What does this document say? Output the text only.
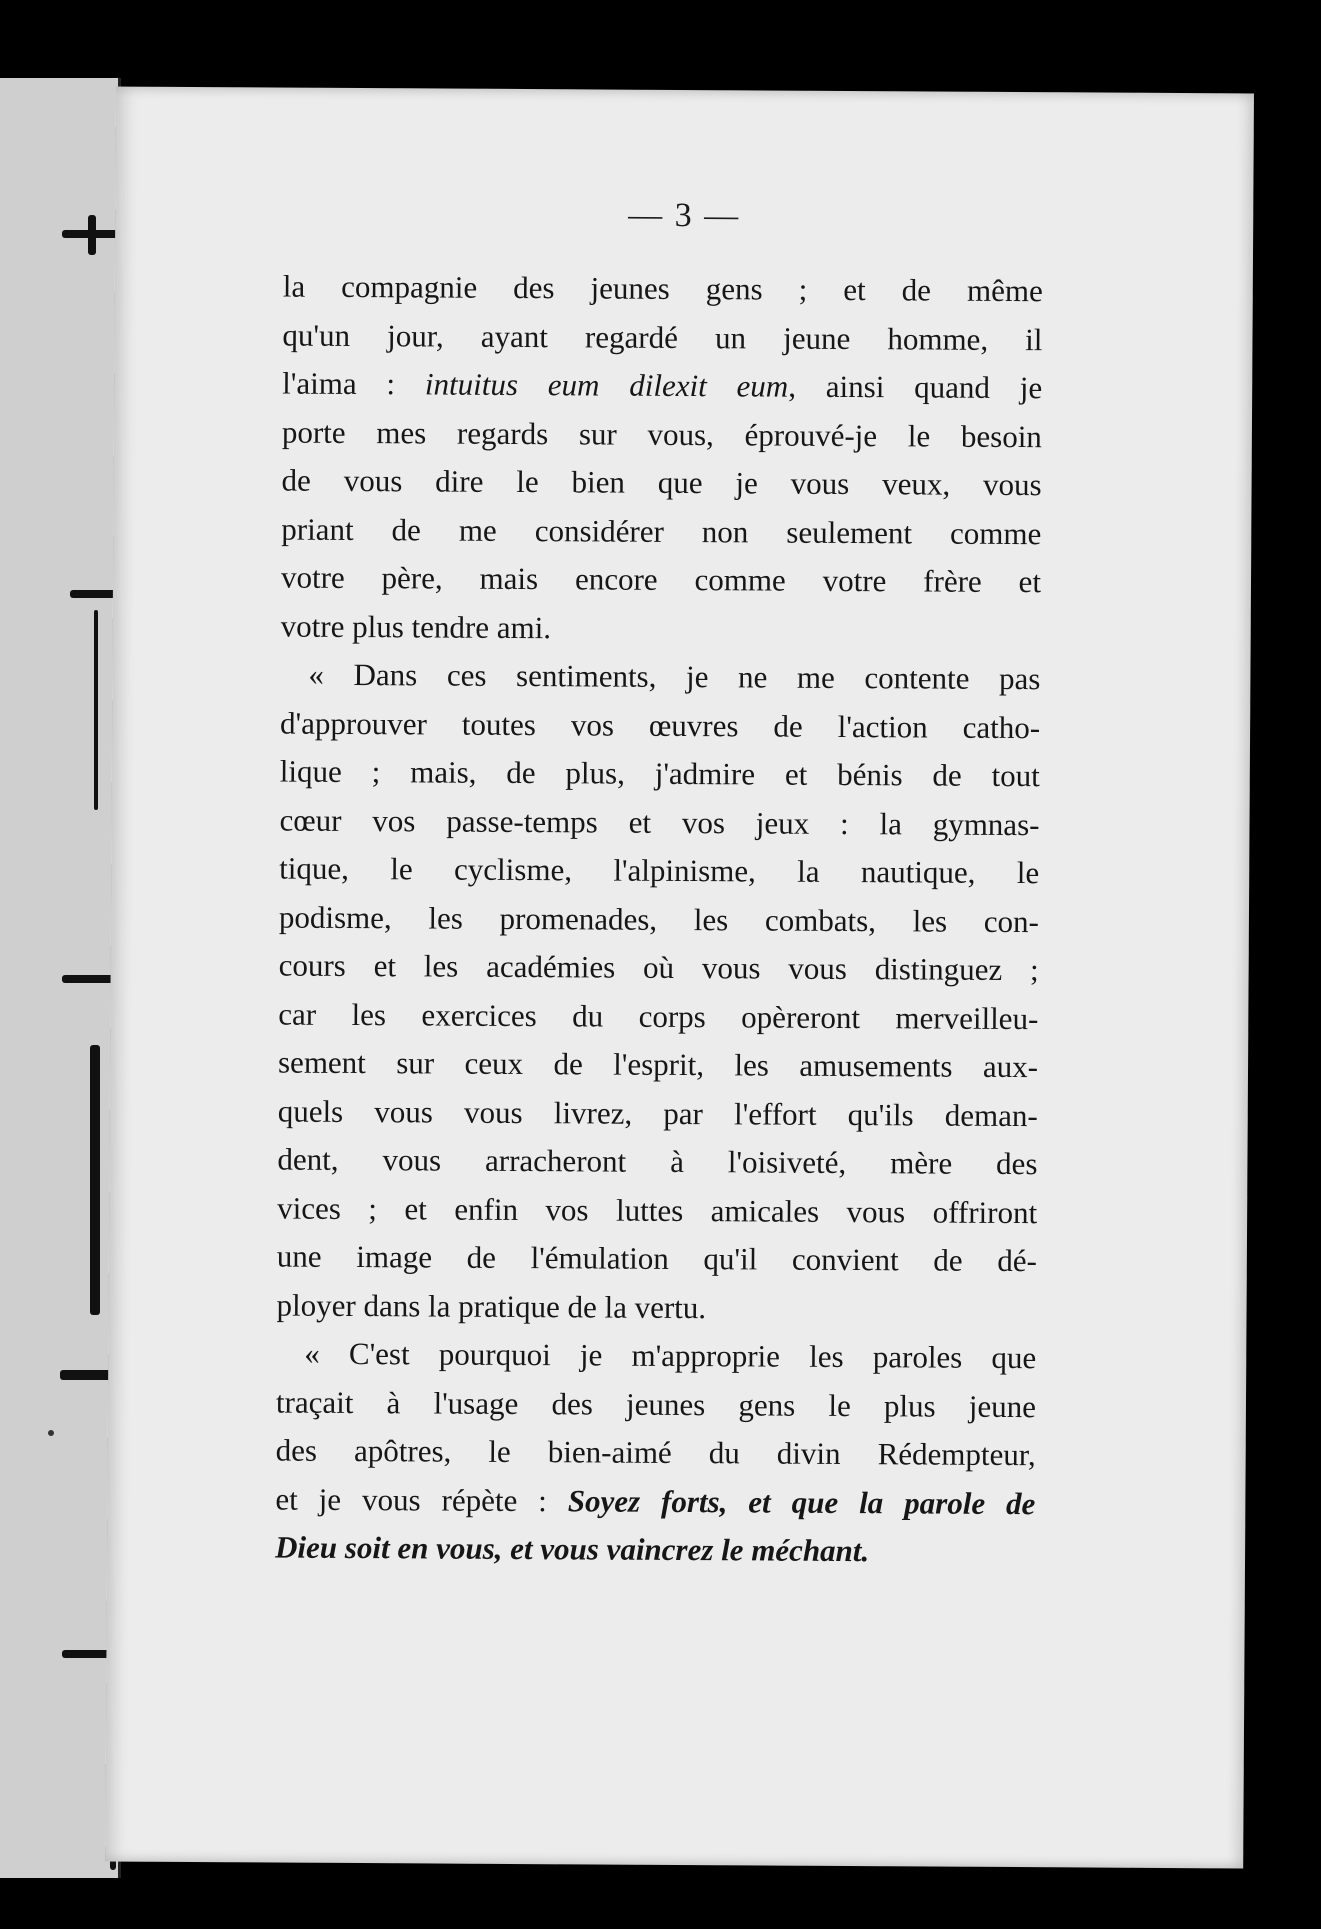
— 3 —
la compagnie des jeunes gens ; et de même
qu'un jour, ayant regardé un jeune homme, il
l'aima : intuitus eum dilexit eum, ainsi quand je
porte mes regards sur vous, éprouvé-je le besoin
de vous dire le bien que je vous veux, vous
priant de me considérer non seulement comme
votre père, mais encore comme votre frère et
votre plus tendre ami.
« Dans ces sentiments, je ne me contente pas
d'approuver toutes vos œuvres de l'action catho-
lique ; mais, de plus, j'admire et bénis de tout
cœur vos passe-temps et vos jeux : la gymnas-
tique, le cyclisme, l'alpinisme, la nautique, le
podisme, les promenades, les combats, les con-
cours et les académies où vous vous distinguez ;
car les exercices du corps opèreront merveilleu-
sement sur ceux de l'esprit, les amusements aux-
quels vous vous livrez, par l'effort qu'ils deman-
dent, vous arracheront à l'oisiveté, mère des
vices ; et enfin vos luttes amicales vous offriront
une image de l'émulation qu'il convient de dé-
ployer dans la pratique de la vertu.
« C'est pourquoi je m'approprie les paroles que
traçait à l'usage des jeunes gens le plus jeune
des apôtres, le bien-aimé du divin Rédempteur,
et je vous répète : Soyez forts, et que la parole de
Dieu soit en vous, et vous vaincrez le méchant.
